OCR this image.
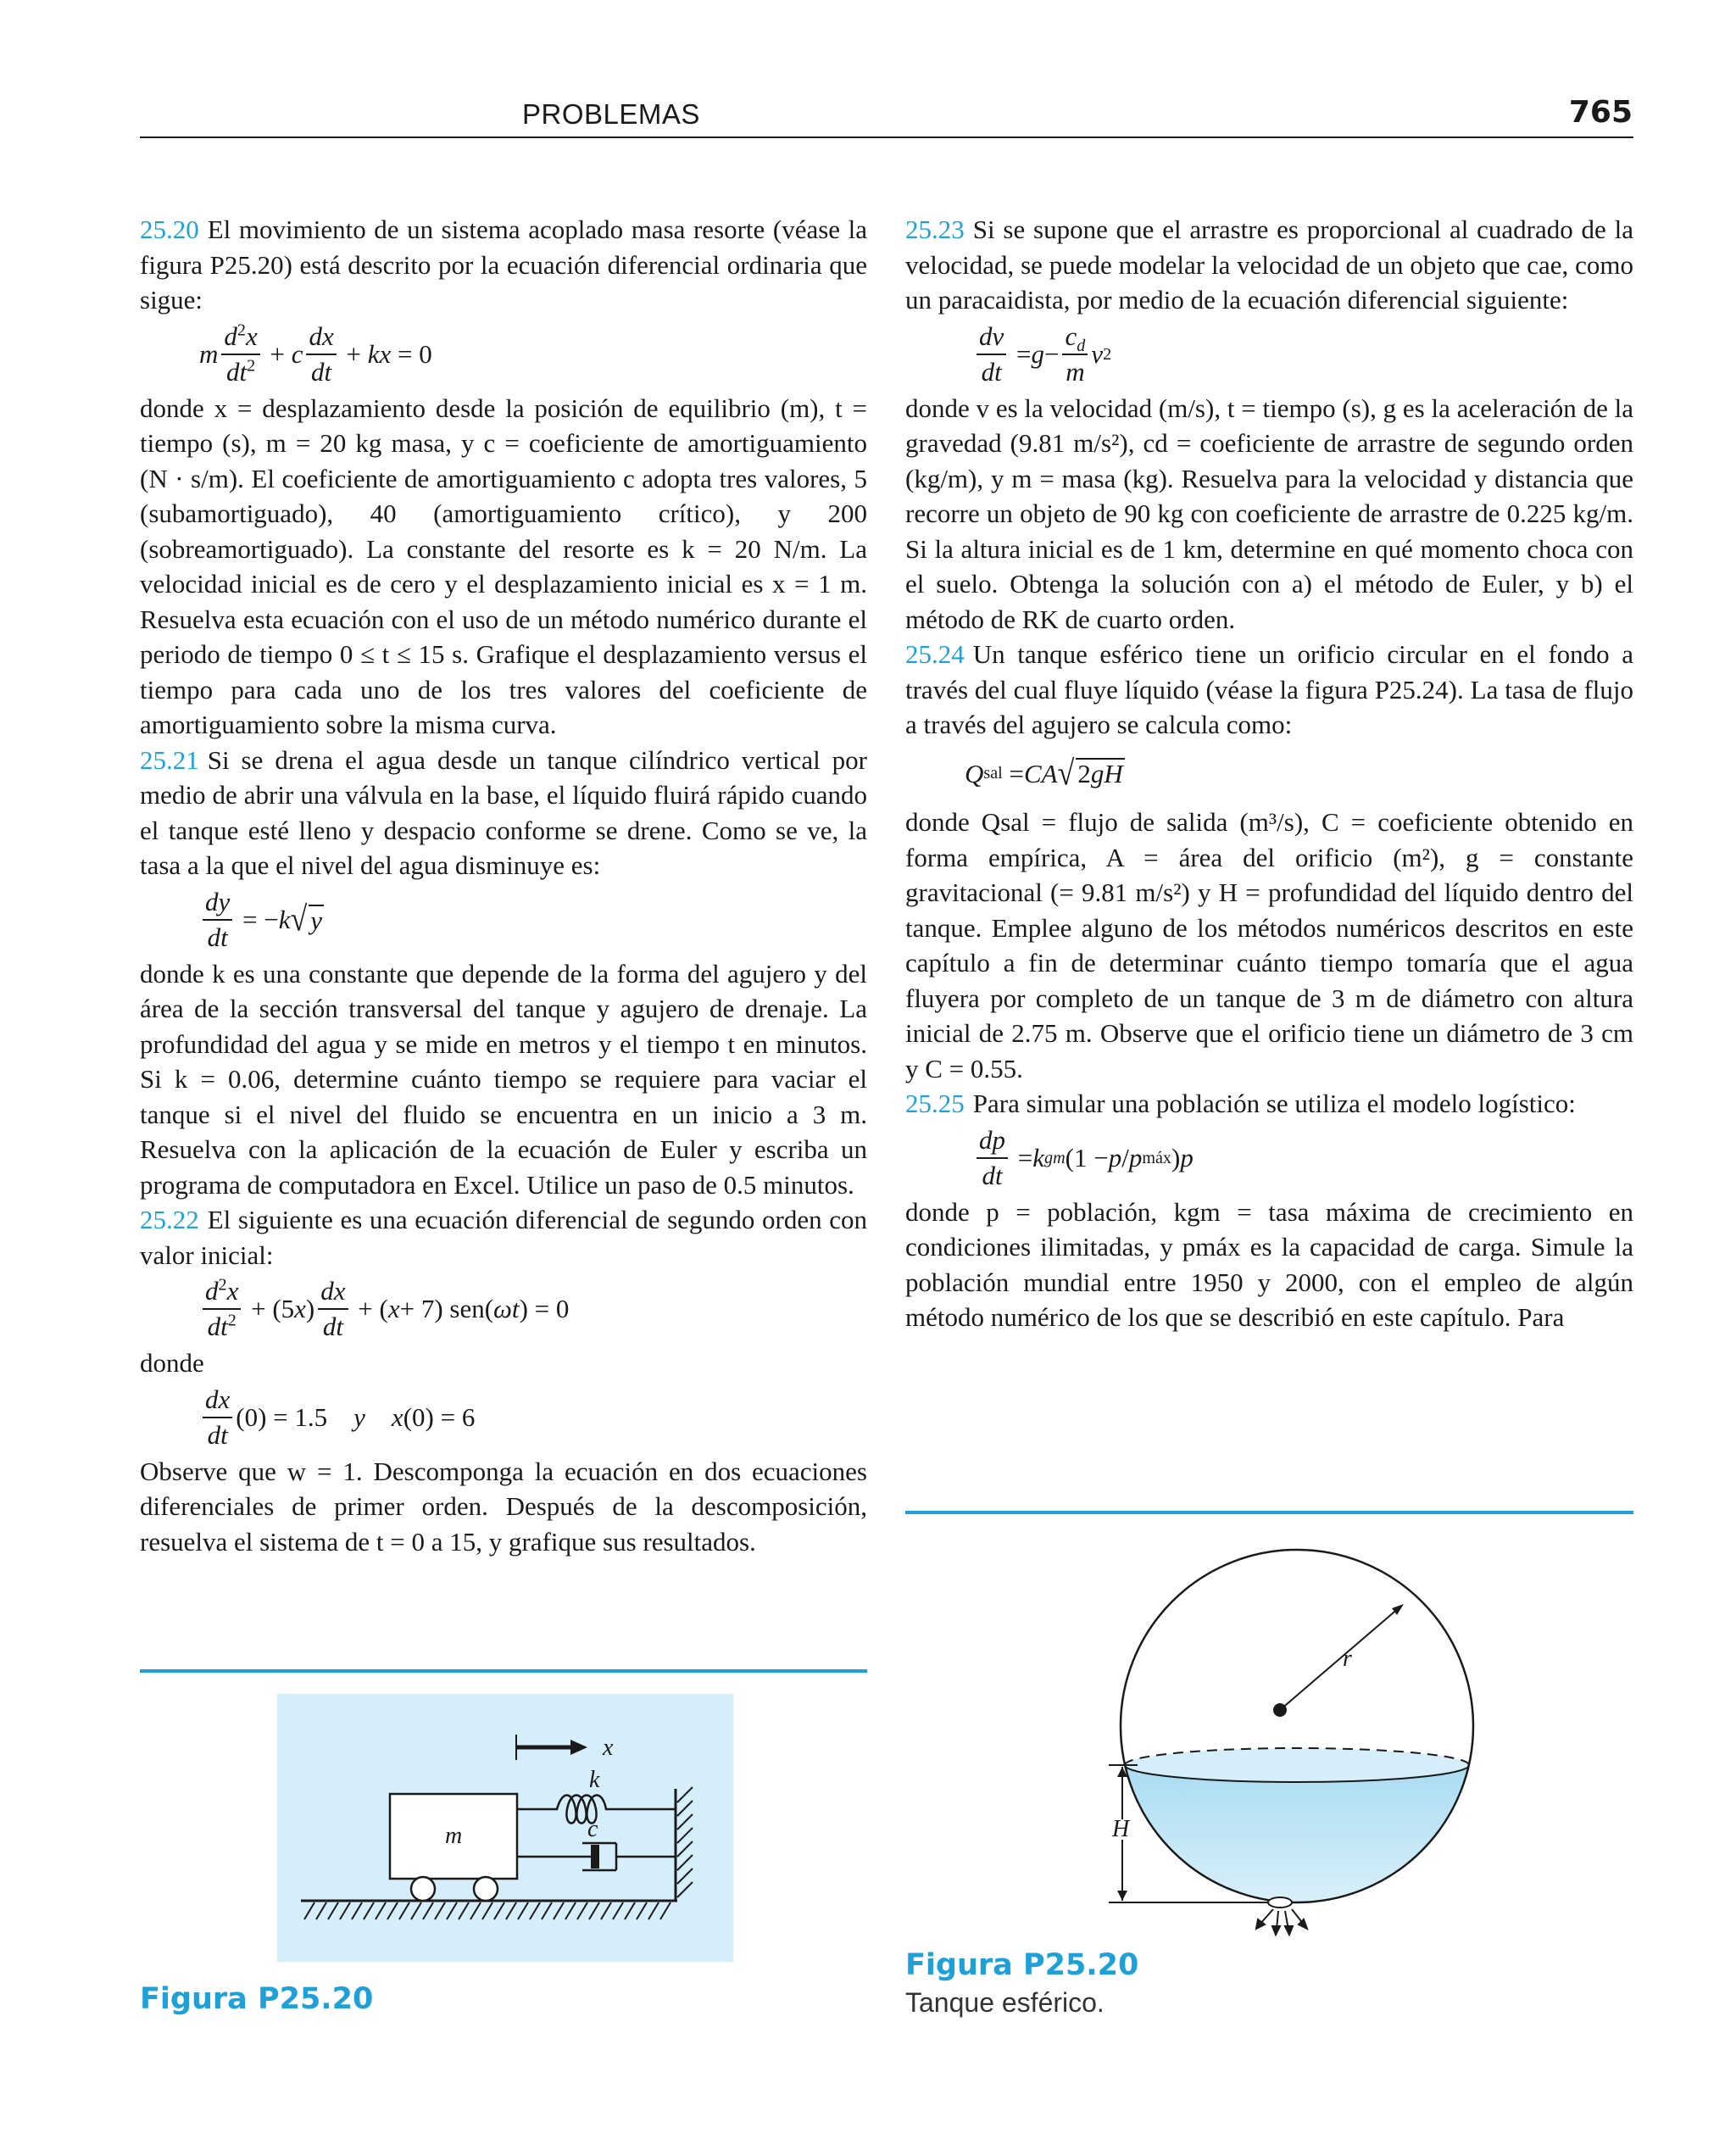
PROBLEMAS	765

25.20 El movimiento de un sistema acoplado masa resorte (véase la figura P25.20) está descrito por la ecuación diferencial ordinaria que sigue:

m $\frac{d^2x}{dt^2} + c \frac{dx}{dt}$ + kx = 0

donde x = desplazamiento desde la posición de equilibrio (m), t = tiempo (s), m = 20 kg masa, y c = coeficiente de amortiguamiento (N · s/m). El coeficiente de amortiguamiento c adopta tres valores, 5 (subamortiguado), 40 (amortiguamiento crítico), y 200 (sobreamortiguado). La constante del resorte es k = 20 N/m. La velocidad inicial es de cero y el desplazamiento inicial es x = 1 m. Resuelva esta ecuación con el uso de un método numérico durante el periodo de tiempo 0 ≤ t ≤ 15 s. Grafique el desplazamiento versus el tiempo para cada uno de los tres valores del coeficiente de amortiguamiento sobre la misma curva.

25.21 Si se drena el agua desde un tanque cilíndrico vertical por medio de abrir una válvula en la base, el líquido fluirá rápido cuando el tanque esté lleno y despacio conforme se drene. Como se ve, la tasa a la que el nivel del agua disminuye es:

$\frac{dy}{dt}$ = − k √ y

donde k es una constante que depende de la forma del agujero y del área de la sección transversal del tanque y agujero de drenaje. La profundidad del agua y se mide en metros y el tiempo t en minutos. Si k = 0.06, determine cuánto tiempo se requiere para vaciar el tanque si el nivel del fluido se encuentra en un inicio a 3 m. Resuelva con la aplicación de la ecuación de Euler y escriba un programa de computadora en Excel. Utilice un paso de 0.5 minutos.

25.22 El siguiente es una ecuación diferencial de segundo orden con valor inicial:

$\frac{d^2x}{dt^2} + (5$ x ) $\frac{dx}{dt}$ + ( x + 7) sen( ωt ) = 0

donde

$\frac{dx}{dt} (0) = 1.5$ y
x (0) = 6

Observe que w = 1. Descomponga la ecuación en dos ecuaciones diferenciales de primer orden. Después de la descomposición, resuelva el sistema de t = 0 a 15, y grafique sus resultados.

25.23 Si se supone que el arrastre es proporcional al cuadrado de la velocidad, se puede modelar la velocidad de un objeto que cae, como un paracaidista, por medio de la ecuación diferencial siguiente:

$\frac{dv}{dt} = g - \frac{c_d}{m}$ v 2

donde v es la velocidad (m/s), t = tiempo (s), g es la aceleración de la gravedad (9.81 m/s²), cd = coeficiente de arrastre de segundo orden (kg/m), y m = masa (kg). Resuelva para la velocidad y distancia que recorre un objeto de 90 kg con coeficiente de arrastre de 0.225 kg/m. Si la altura inicial es de 1 km, determine en qué momento choca con el suelo. Obtenga la solución con a) el método de Euler, y b) el método de RK de cuarto orden.

25.24 Un tanque esférico tiene un orificio circular en el fondo a través del cual fluye líquido (véase la figura P25.24). La tasa de flujo a través del agujero se calcula como:

Q sal = CA √ 2gH

donde Qsal = flujo de salida (m³/s), C = coeficiente obtenido en forma empírica, A = área del orificio (m²), g = constante gravitacional (= 9.81 m/s²) y H = profundidad del líquido dentro del tanque. Emplee alguno de los métodos numéricos descritos en este capítulo a fin de determinar cuánto tiempo tomaría que el agua fluyera por completo de un tanque de 3 m de diámetro con altura inicial de 2.75 m. Observe que el orificio tiene un diámetro de 3 cm y C = 0.55.

25.25 Para simular una población se utiliza el modelo logístico:

$\frac{dp}{dt} = k$ gm (1 − p / p máx ) p

donde p = población, kgm = tasa máxima de crecimiento en condiciones ilimitadas, y pmáx es la capacidad de carga. Simule la población mundial entre 1950 y 2000, con el empleo de algún método numérico de los que se describió en este capítulo. Para

m
k
c
x
Figura P25.20
r
H
Figura P25.20
Tanque esférico.
